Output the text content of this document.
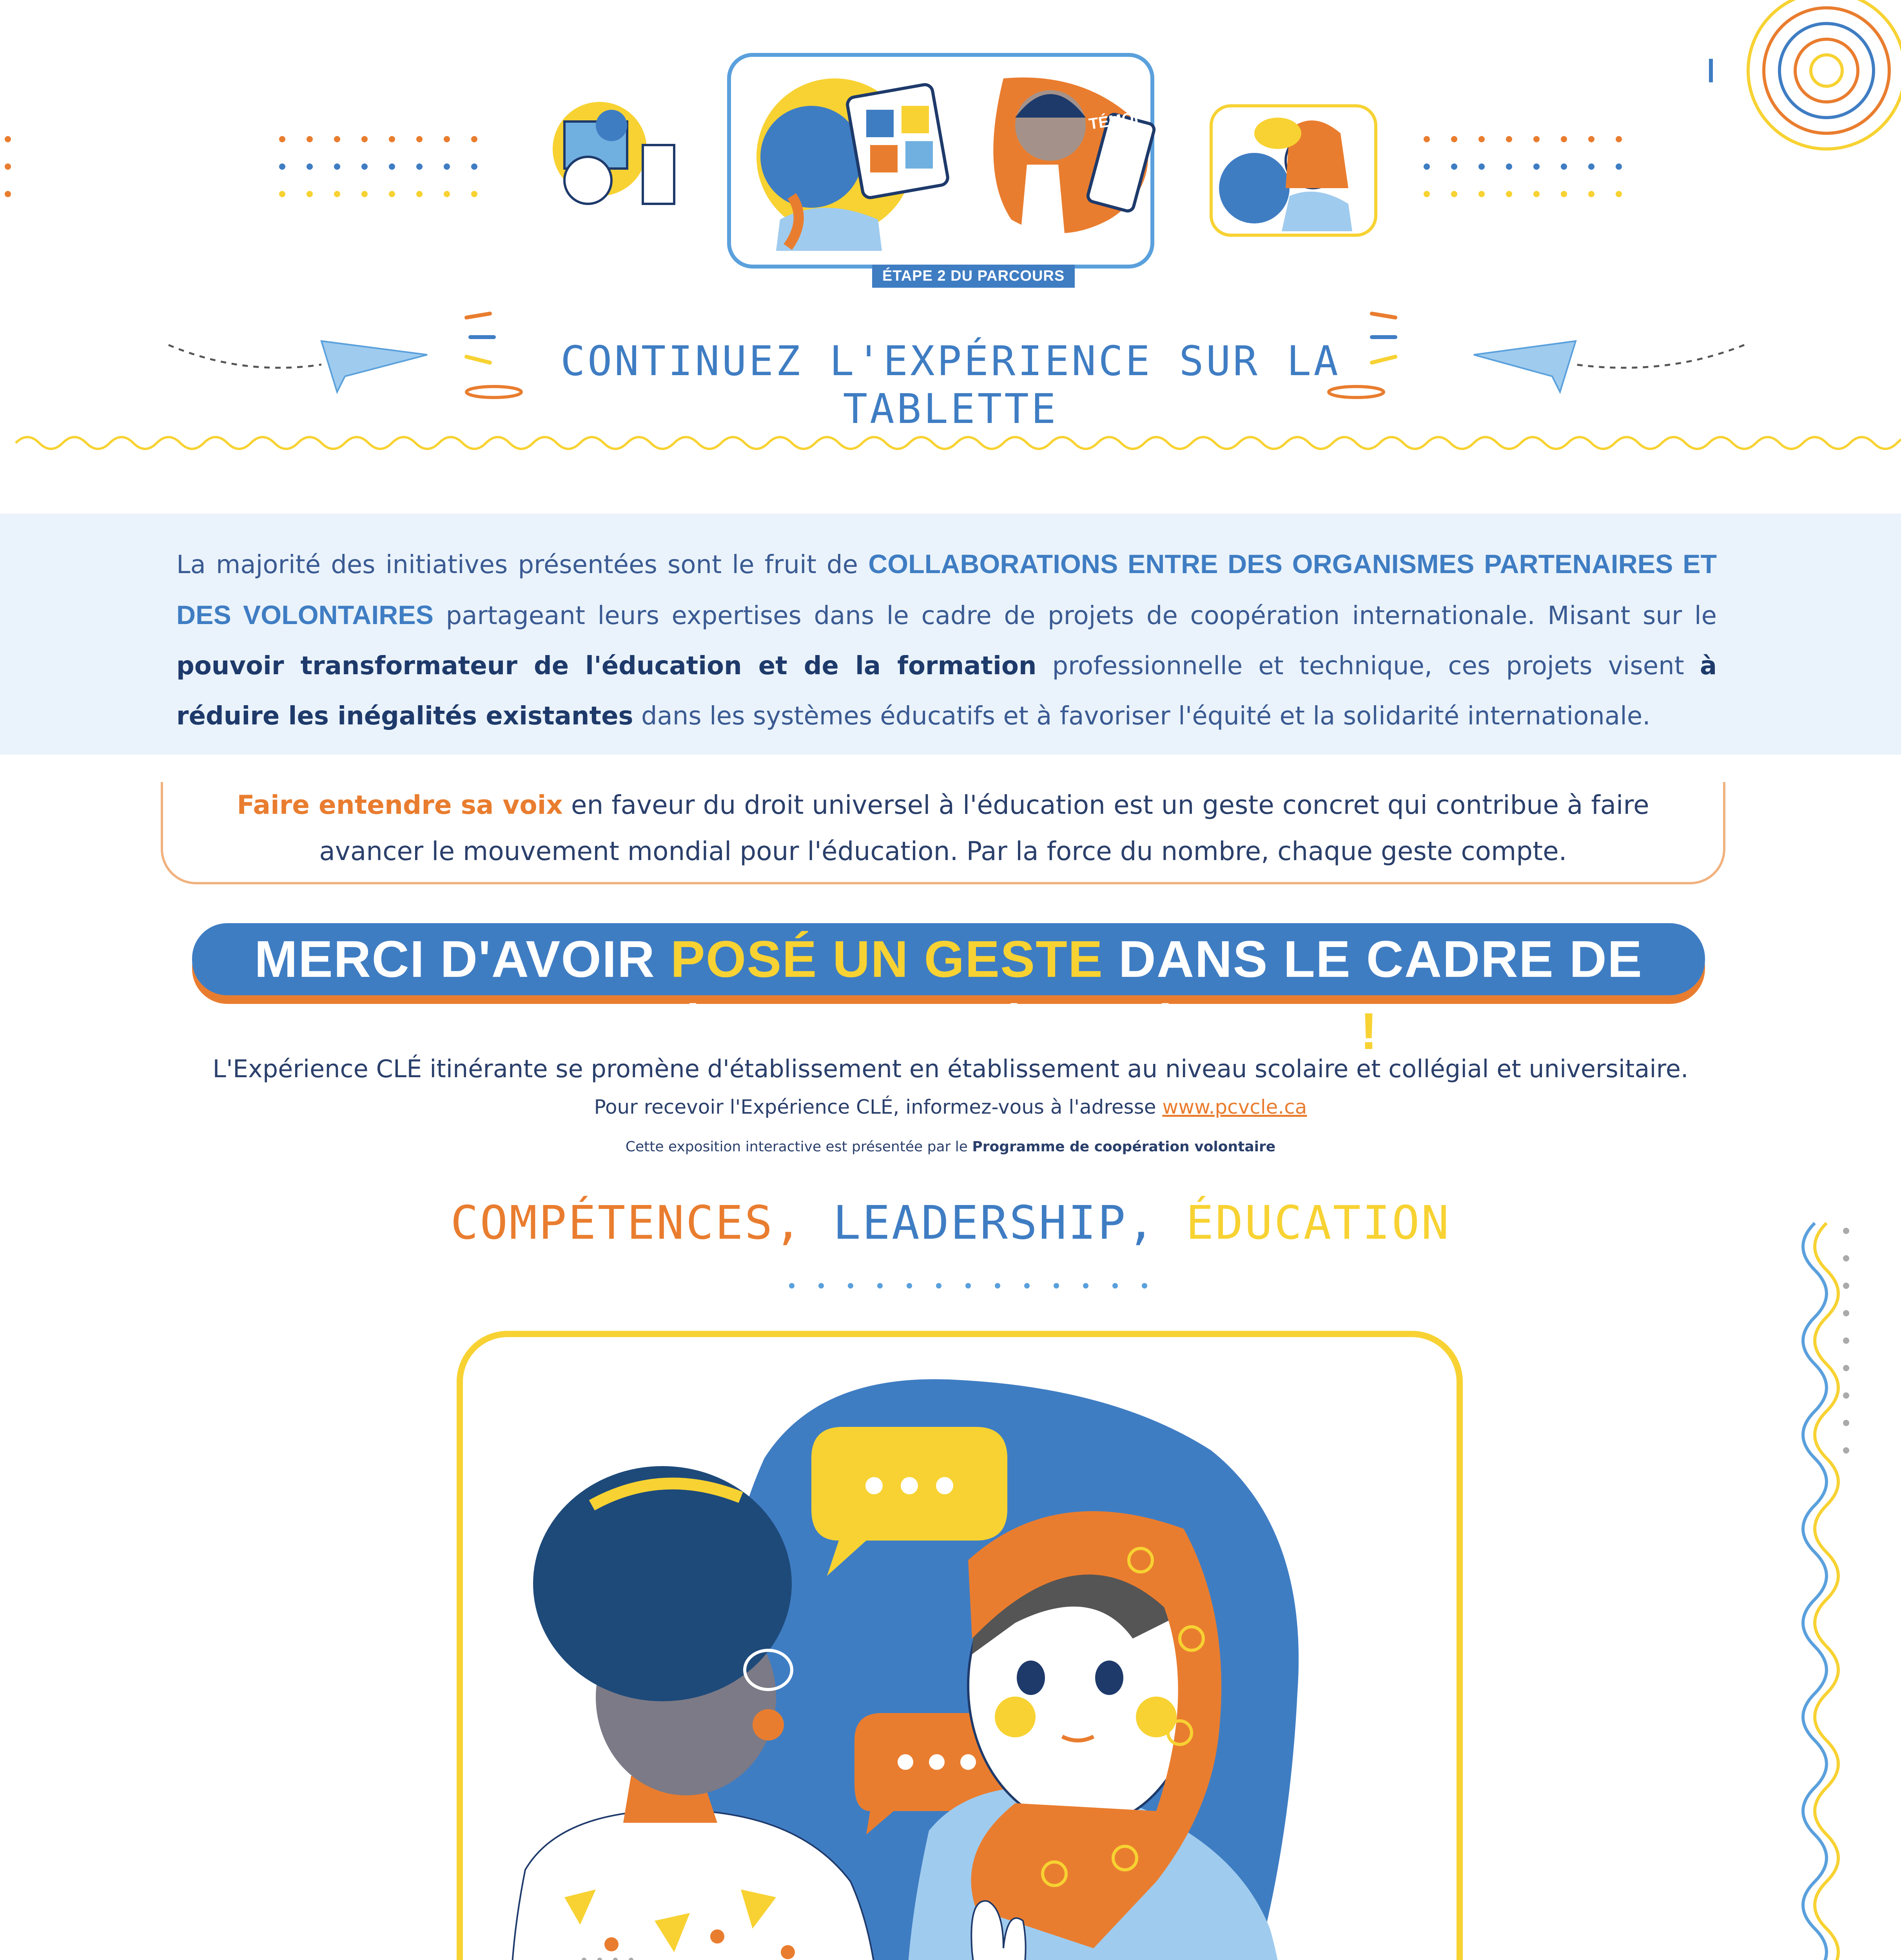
TÉMOI-
ÉTAPE 2 DU PARCOURS
CONTINUEZ L'EXPÉRIENCE SUR LA TABLETTE
La majorité des initiatives présentées sont le fruit de COLLABORATIONS ENTRE DES ORGANISMES PARTENAIRES ET DES VOLONTAIRES partageant leurs expertises dans le cadre de projets de coopération internationale. Misant sur le pouvoir transformateur de l'éducation et de la formation professionnelle et technique, ces projets visent à réduire les inégalités existantes dans les systèmes éducatifs et à favoriser l'équité et la solidarité internationale.
Faire entendre sa voix en faveur du droit universel à l'éducation est un geste concret qui contribue à faire avancer le mouvement mondial pour l'éducation. Par la force du nombre, chaque geste compte.
MERCI D'AVOIR POSÉ UN GESTE DANS LE CADRE DE L'EXPÉRIENCE CLÉ ITINÉRANTE!
L'Expérience CLÉ itinérante se promène d'établissement en établissement au niveau scolaire et collégial et universitaire.
Pour recevoir l'Expérience CLÉ, informez-vous à l'adresse www.pcvcle.ca
Cette exposition interactive est présentée par le Programme de coopération volontaire
COMPÉTENCES, LEADERSHIP, ÉDUCATION
